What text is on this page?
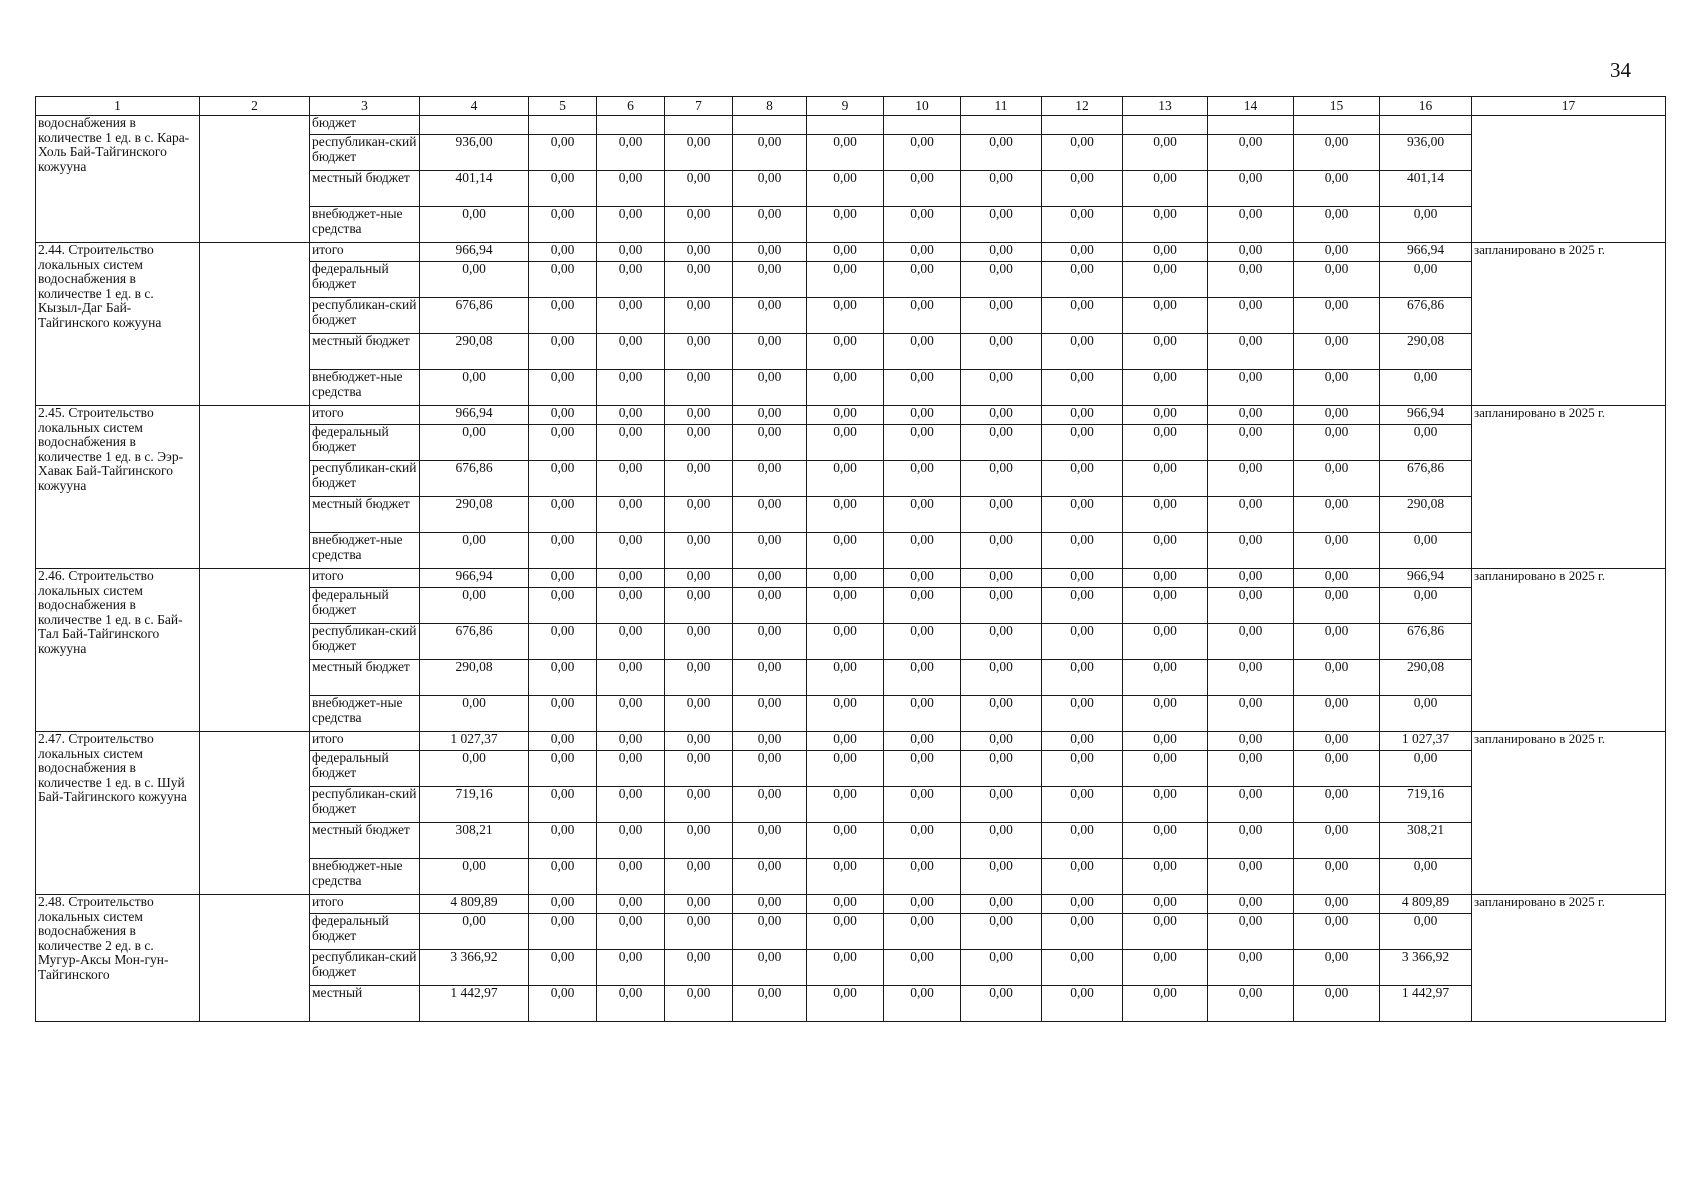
34
1	2	3	4	5	6	7	8	9	10	11	12	13	14	15	16	17
водоснабжения в количестве 1 ед. в с. Кара-Холь Бай-Тайгинского кожууна		бюджет														
		республикан-ский бюджет	936,00	0,00	0,00	0,00	0,00	0,00	0,00	0,00	0,00	0,00	0,00	0,00	936,00	
		местный бюджет	401,14	0,00	0,00	0,00	0,00	0,00	0,00	0,00	0,00	0,00	0,00	0,00	401,14	
		внебюджет-ные средства	0,00	0,00	0,00	0,00	0,00	0,00	0,00	0,00	0,00	0,00	0,00	0,00	0,00	
2.44. Строительство локальных систем водоснабжения в количестве 1 ед. в с. Кызыл-Даг Бай-Тайгинского кожууна		итого	966,94	0,00	0,00	0,00	0,00	0,00	0,00	0,00	0,00	0,00	0,00	0,00	966,94	запланировано в 2025 г.
		федеральный бюджет	0,00	0,00	0,00	0,00	0,00	0,00	0,00	0,00	0,00	0,00	0,00	0,00	0,00	
		республикан-ский бюджет	676,86	0,00	0,00	0,00	0,00	0,00	0,00	0,00	0,00	0,00	0,00	0,00	676,86	
		местный бюджет	290,08	0,00	0,00	0,00	0,00	0,00	0,00	0,00	0,00	0,00	0,00	0,00	290,08	
		внебюджет-ные средства	0,00	0,00	0,00	0,00	0,00	0,00	0,00	0,00	0,00	0,00	0,00	0,00	0,00	
2.45. Строительство локальных систем водоснабжения в количестве 1 ед. в с. Ээр-Хавак Бай-Тайгинского кожууна		итого	966,94	0,00	0,00	0,00	0,00	0,00	0,00	0,00	0,00	0,00	0,00	0,00	966,94	запланировано в 2025 г.
		федеральный бюджет	0,00	0,00	0,00	0,00	0,00	0,00	0,00	0,00	0,00	0,00	0,00	0,00	0,00	
		республикан-ский бюджет	676,86	0,00	0,00	0,00	0,00	0,00	0,00	0,00	0,00	0,00	0,00	0,00	676,86	
		местный бюджет	290,08	0,00	0,00	0,00	0,00	0,00	0,00	0,00	0,00	0,00	0,00	0,00	290,08	
		внебюджет-ные средства	0,00	0,00	0,00	0,00	0,00	0,00	0,00	0,00	0,00	0,00	0,00	0,00	0,00	
2.46. Строительство локальных систем водоснабжения в количестве 1 ед. в с. Бай-Тал Бай-Тайгинского кожууна		итого	966,94	0,00	0,00	0,00	0,00	0,00	0,00	0,00	0,00	0,00	0,00	0,00	966,94	запланировано в 2025 г.
		федеральный бюджет	0,00	0,00	0,00	0,00	0,00	0,00	0,00	0,00	0,00	0,00	0,00	0,00	0,00	
		республикан-ский бюджет	676,86	0,00	0,00	0,00	0,00	0,00	0,00	0,00	0,00	0,00	0,00	0,00	676,86	
		местный бюджет	290,08	0,00	0,00	0,00	0,00	0,00	0,00	0,00	0,00	0,00	0,00	0,00	290,08	
		внебюджет-ные средства	0,00	0,00	0,00	0,00	0,00	0,00	0,00	0,00	0,00	0,00	0,00	0,00	0,00	
2.47. Строительство локальных систем водоснабжения в количестве 1 ед. в с. Шуй Бай-Тайгинского кожууна		итого	1 027,37	0,00	0,00	0,00	0,00	0,00	0,00	0,00	0,00	0,00	0,00	0,00	1 027,37	запланировано в 2025 г.
		федеральный бюджет	0,00	0,00	0,00	0,00	0,00	0,00	0,00	0,00	0,00	0,00	0,00	0,00	0,00	
		республикан-ский бюджет	719,16	0,00	0,00	0,00	0,00	0,00	0,00	0,00	0,00	0,00	0,00	0,00	719,16	
		местный бюджет	308,21	0,00	0,00	0,00	0,00	0,00	0,00	0,00	0,00	0,00	0,00	0,00	308,21	
		внебюджет-ные средства	0,00	0,00	0,00	0,00	0,00	0,00	0,00	0,00	0,00	0,00	0,00	0,00	0,00	
2.48. Строительство локальных систем водоснабжения в количестве 2 ед. в с. Мугур-Аксы Мон-гун-Тайгинского		итого	4 809,89	0,00	0,00	0,00	0,00	0,00	0,00	0,00	0,00	0,00	0,00	0,00	4 809,89	запланировано в 2025 г.
		федеральный бюджет	0,00	0,00	0,00	0,00	0,00	0,00	0,00	0,00	0,00	0,00	0,00	0,00	0,00	
		республикан-ский бюджет	3 366,92	0,00	0,00	0,00	0,00	0,00	0,00	0,00	0,00	0,00	0,00	0,00	3 366,92	
		местный	1 442,97	0,00	0,00	0,00	0,00	0,00	0,00	0,00	0,00	0,00	0,00	0,00	1 442,97	
